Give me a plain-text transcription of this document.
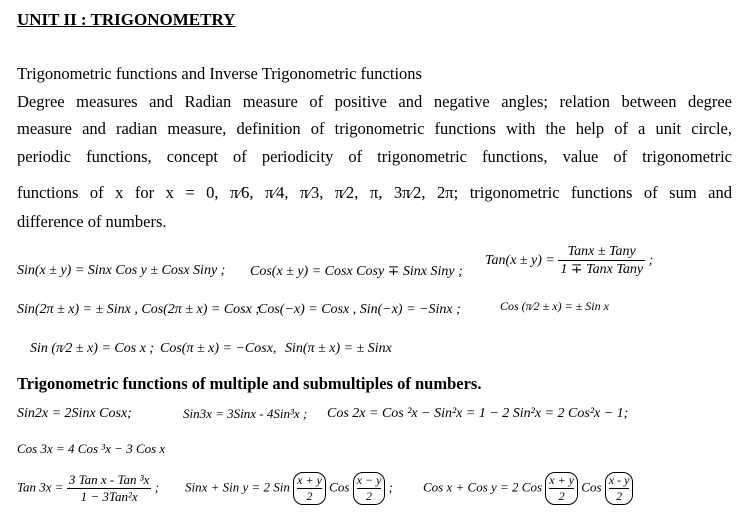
UNIT II : TRIGONOMETRY
Trigonometric functions and Inverse Trigonometric functions
Degree measures and Radian measure of positive and negative angles; relation between degree
measure and radian measure, definition of trigonometric functions with the help of a unit circle,
periodic functions, concept of periodicity of trigonometric functions, value of trigonometric
functions of x for x = 0, π⁄6, π⁄4, π⁄3, π⁄2, π, 3π⁄2, 2π; trigonometric functions of sum and
difference of numbers.
Sin(x ± y) = Sinx Cos y ± Cosx Siny ; Cos(x ± y) = Cosx Cosy ∓ Sinx Siny ;
$Tan(x \pm y) = \frac{\text{Tanx ± Tany}}{\text{1 ∓ Tanx Tany}}$ ;
Sin(2π ± x) = ± Sinx , Cos(2π ± x) = Cosx ;
Cos(−x) = Cosx , Sin(−x) = −Sinx ;	Cos (π⁄2 ± x) = ± Sin x
Sin (π⁄2 ± x) = Cos x ; Cos(π ± x) = −Cosx, Sin(π ± x) = ± Sinx
Trigonometric functions of multiple and submultiples of numbers.
Sin2x = 2Sinx Cosx;	Sin3x = 3Sinx - 4Sin³x ; Cos 2x = Cos ²x − Sin²x = 1 − 2 Sin²x = 2 Cos²x − 1;
Cos 3x = 4 Cos ³x − 3 Cos x
Tan $3x = \frac{\text{3 Tan x - Tan ³x}}{\text{1 − 3Tan²x}}$ ; Sinx + Sin y = 2 Sin $\frac{x + y}{2}$ Cos $\frac{x - y}{2}$ ; Cos x + Cos y = 2 Cos $\frac{x + y}{2}$ Cos $\frac{x - y}{2}$
